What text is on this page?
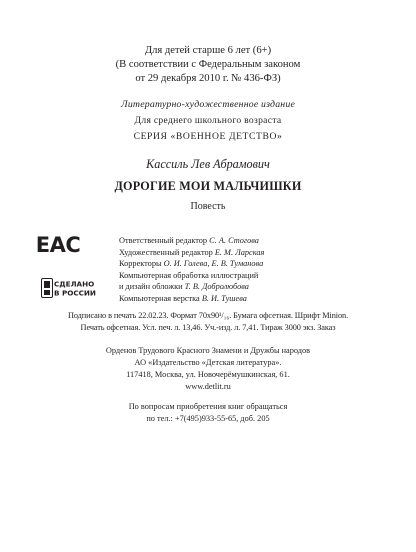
Для детей старше 6 лет (6+)
(В соответствии с Федеральным законом
от 29 декабря 2010 г. № 436-ФЗ)
Литературно-художественное издание
Для среднего школьного возраста
СЕРИЯ «ВОЕННОЕ ДЕТСТВО»
Кассиль Лев Абрамович
ДОРОГИЕ МОИ МАЛЬЧИШКИ
Повесть
ЕАС
СДЕЛАНО
В РОССИИ
Ответственный редактор С. А. Стогова
Художественный редактор Е. М. Ларская
Корректоры О. И. Голева, Е. В. Туманова
Компьютерная обработка иллюстраций
и дизайн обложки Т. В. Добролюбова
Компьютерная верстка В. И. Тушева
Подписано в печать 22.02.23. Формат 70x90¹/₁₆. Бумага офсетная. Шрифт Minion.
Печать офсетная. Усл. печ. л. 13,46. Уч.-изд. л. 7,41. Тираж 3000 экз. Заказ
Орденов Трудового Красного Знамени и Дружбы народов
АО «Издательство «Детская литература».
117418, Москва, ул. Новочерёмушкинская, 61.
www.detlit.ru
По вопросам приобретения книг обращаться
по тел.: +7(495)933-55-65, доб. 205
